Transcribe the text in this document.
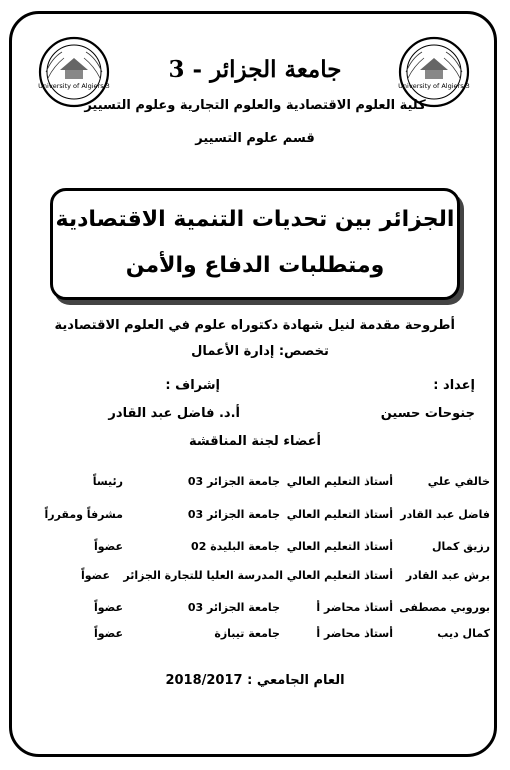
University of Algiers 3	University of Algiers 3
جامعة الجزائر - 3
كلية العلوم الاقتصادية والعلوم التجارية وعلوم التسيير
قسم علوم التسيير
الجزائر بين تحديات التنمية الاقتصادية
ومتطلبات الدفاع والأمن
أطروحة مقدمة لنيل شهادة دكتوراه علوم في العلوم الاقتصادية
تخصص: إدارة الأعمال
إعداد :
إشراف :
جنوحات حسين
أ.د. فاضل عبد القادر
أعضاء لجنة المناقشة
خالفي علي
أستاذ التعليم العالي
جامعة الجزائر 03
رئيساً
فاضل عبد القادر
أستاذ التعليم العالي
جامعة الجزائر 03
مشرفاً ومقرراً
رزيق كمال
أستاذ التعليم العالي
جامعة البليدة 02
عضواً
برش عبد القادر
أستاذ التعليم العالي
المدرسة العليا للتجارة الجزائر
عضواً
بوروبي مصطفى
أستاذ محاضر أ
جامعة الجزائر 03
عضواً
كمال ديب
أستاذ محاضر أ
جامعة تيبازة
عضواً
العام الجامعي : 2018/2017
